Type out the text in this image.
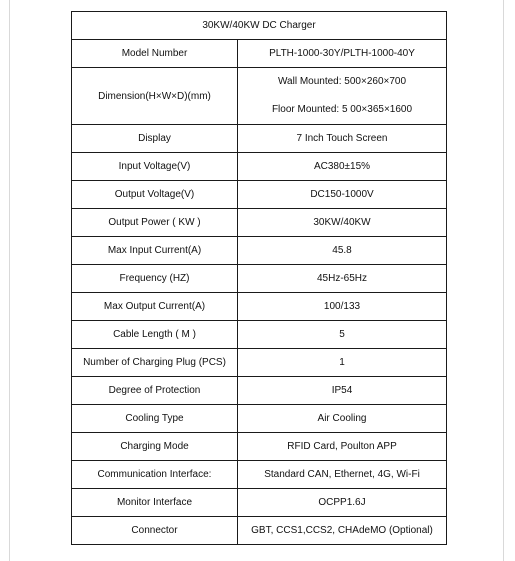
30KW/40KW DC Charger	
Model Number	PLTH-1000-30Y/PLTH-1000-40Y
Dimension(H×W×D)(mm)	Wall Mounted: 500×260×700
Floor Mounted: 5 00×365×1600

Display	7 Inch Touch Screen
Input Voltage(V)	AC380±15%
Output Voltage(V)	DC150-1000V
Output Power ( KW )	30KW/40KW
Max Input Current(A)	45.8
Frequency (HZ)	45Hz-65Hz
Max Output Current(A)	100/133
Cable Length ( M )	5
Number of Charging Plug (PCS)	1
Degree of Protection	IP54
Cooling Type	Air Cooling
Charging Mode	RFID Card, Poulton APP
Communication Interface:	Standard CAN, Ethernet, 4G, Wi-Fi
Monitor Interface	OCPP1.6J
Connector	GBT, CCS1,CCS2, CHAdeMO (Optional)
